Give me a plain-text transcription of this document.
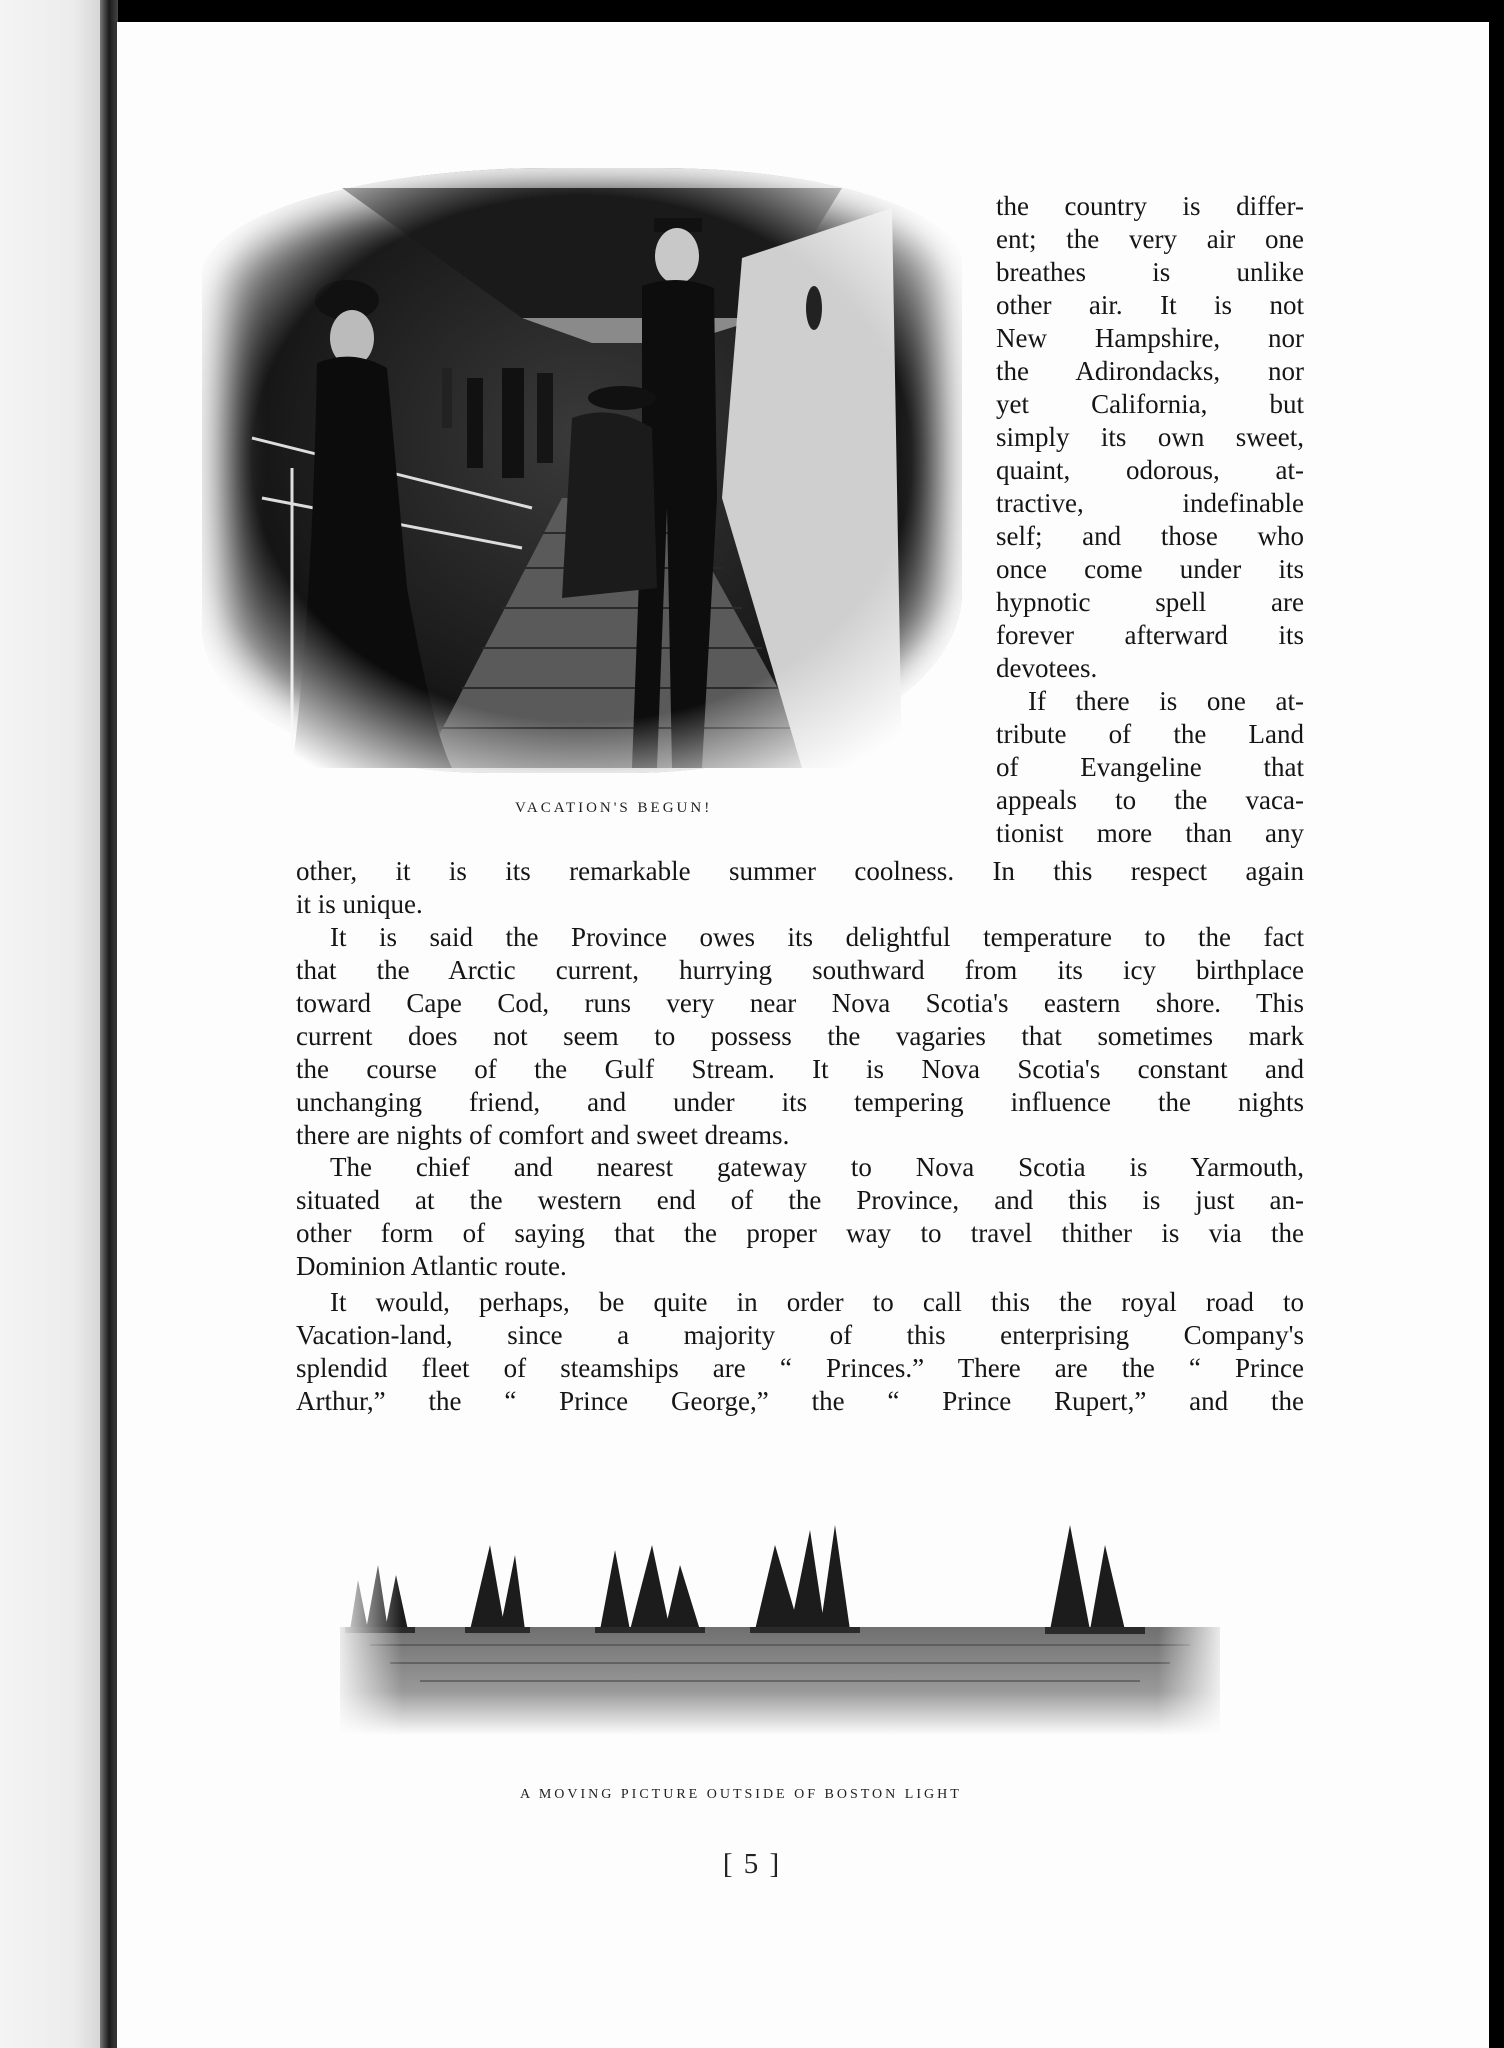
VACATION'S BEGUN!
the country is differ-
ent; the very air one
breathes is unlike
other air. It is not
New Hampshire, nor
the Adirondacks, nor
yet California, but
simply its own sweet,
quaint, odorous, at-
tractive, indefinable
self; and those who
once come under its
hypnotic spell are
forever afterward its
devotees.
If there is one at-
tribute of the Land
of Evangeline that
appeals to the vaca-
tionist more than any
other, it is its remarkable summer coolness. In this respect again
it is unique.
It is said the Province owes its delightful temperature to the fact
that the Arctic current, hurrying southward from its icy birthplace
toward Cape Cod, runs very near Nova Scotia's eastern shore. This
current does not seem to possess the vagaries that sometimes mark
the course of the Gulf Stream. It is Nova Scotia's constant and
unchanging friend, and under its tempering influence the nights
there are nights of comfort and sweet dreams.
The chief and nearest gateway to Nova Scotia is Yarmouth,
situated at the western end of the Province, and this is just an-
other form of saying that the proper way to travel thither is via the
Dominion Atlantic route.
It would, perhaps, be quite in order to call this the royal road to
Vacation-land, since a majority of this enterprising Company's
splendid fleet of steamships are “ Princes.” There are the “ Prince
Arthur,” the “ Prince George,” the “ Prince Rupert,” and the
A MOVING PICTURE OUTSIDE OF BOSTON LIGHT
[ 5 ]
